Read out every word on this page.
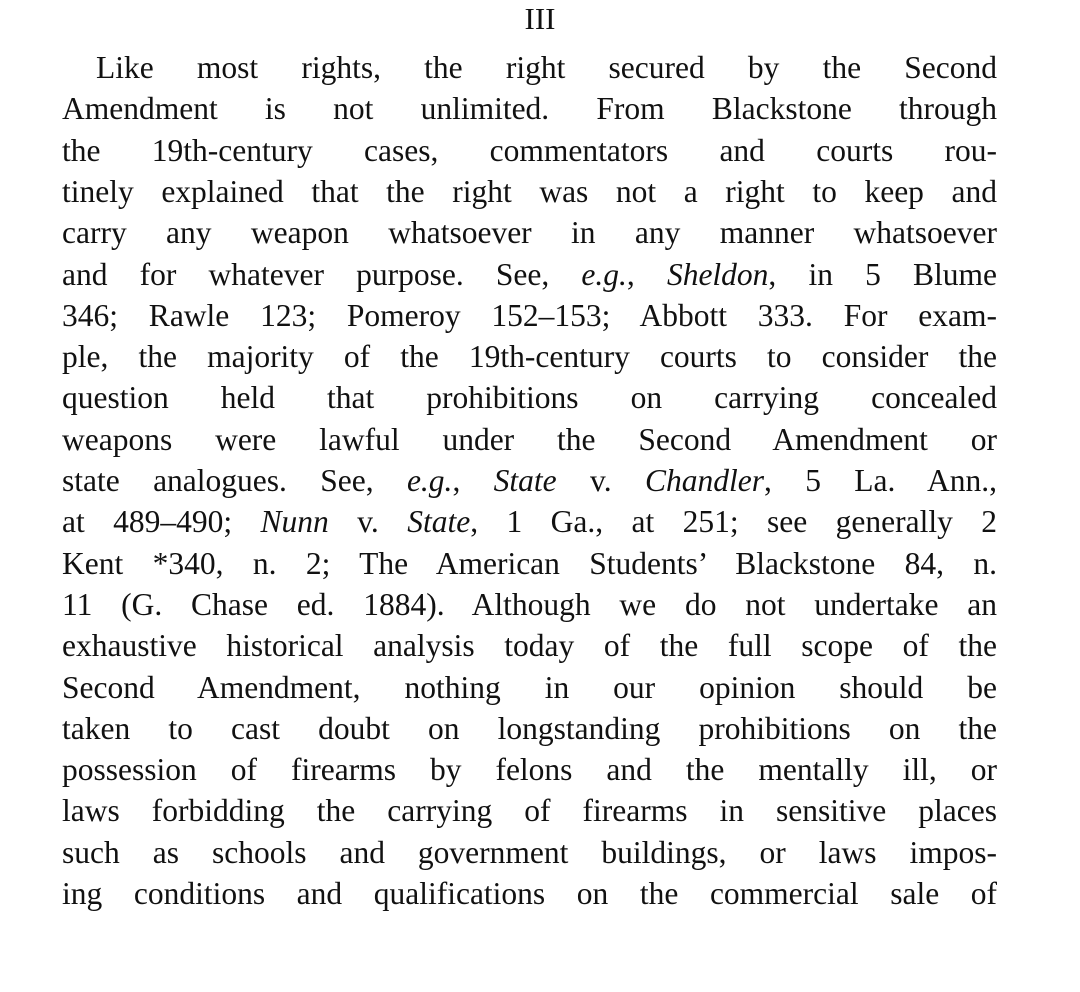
III
Like most rights, the right secured by the Second
Amendment is not unlimited. From Blackstone through
the 19th-century cases, commentators and courts rou-
tinely explained that the right was not a right to keep and
carry any weapon whatsoever in any manner whatsoever
and for whatever purpose. See, e.g., Sheldon, in 5 Blume
346; Rawle 123; Pomeroy 152–153; Abbott 333. For exam-
ple, the majority of the 19th-century courts to consider the
question held that prohibitions on carrying concealed
weapons were lawful under the Second Amendment or
state analogues. See, e.g., State v. Chandler, 5 La. Ann.,
at 489–490; Nunn v. State, 1 Ga., at 251; see generally 2
Kent *340, n. 2; The American Students’ Blackstone 84, n.
11 (G. Chase ed. 1884). Although we do not undertake an
exhaustive historical analysis today of the full scope of the
Second Amendment, nothing in our opinion should be
taken to cast doubt on longstanding prohibitions on the
possession of firearms by felons and the mentally ill, or
laws forbidding the carrying of firearms in sensitive places
such as schools and government buildings, or laws impos-
ing conditions and qualifications on the commercial sale of
